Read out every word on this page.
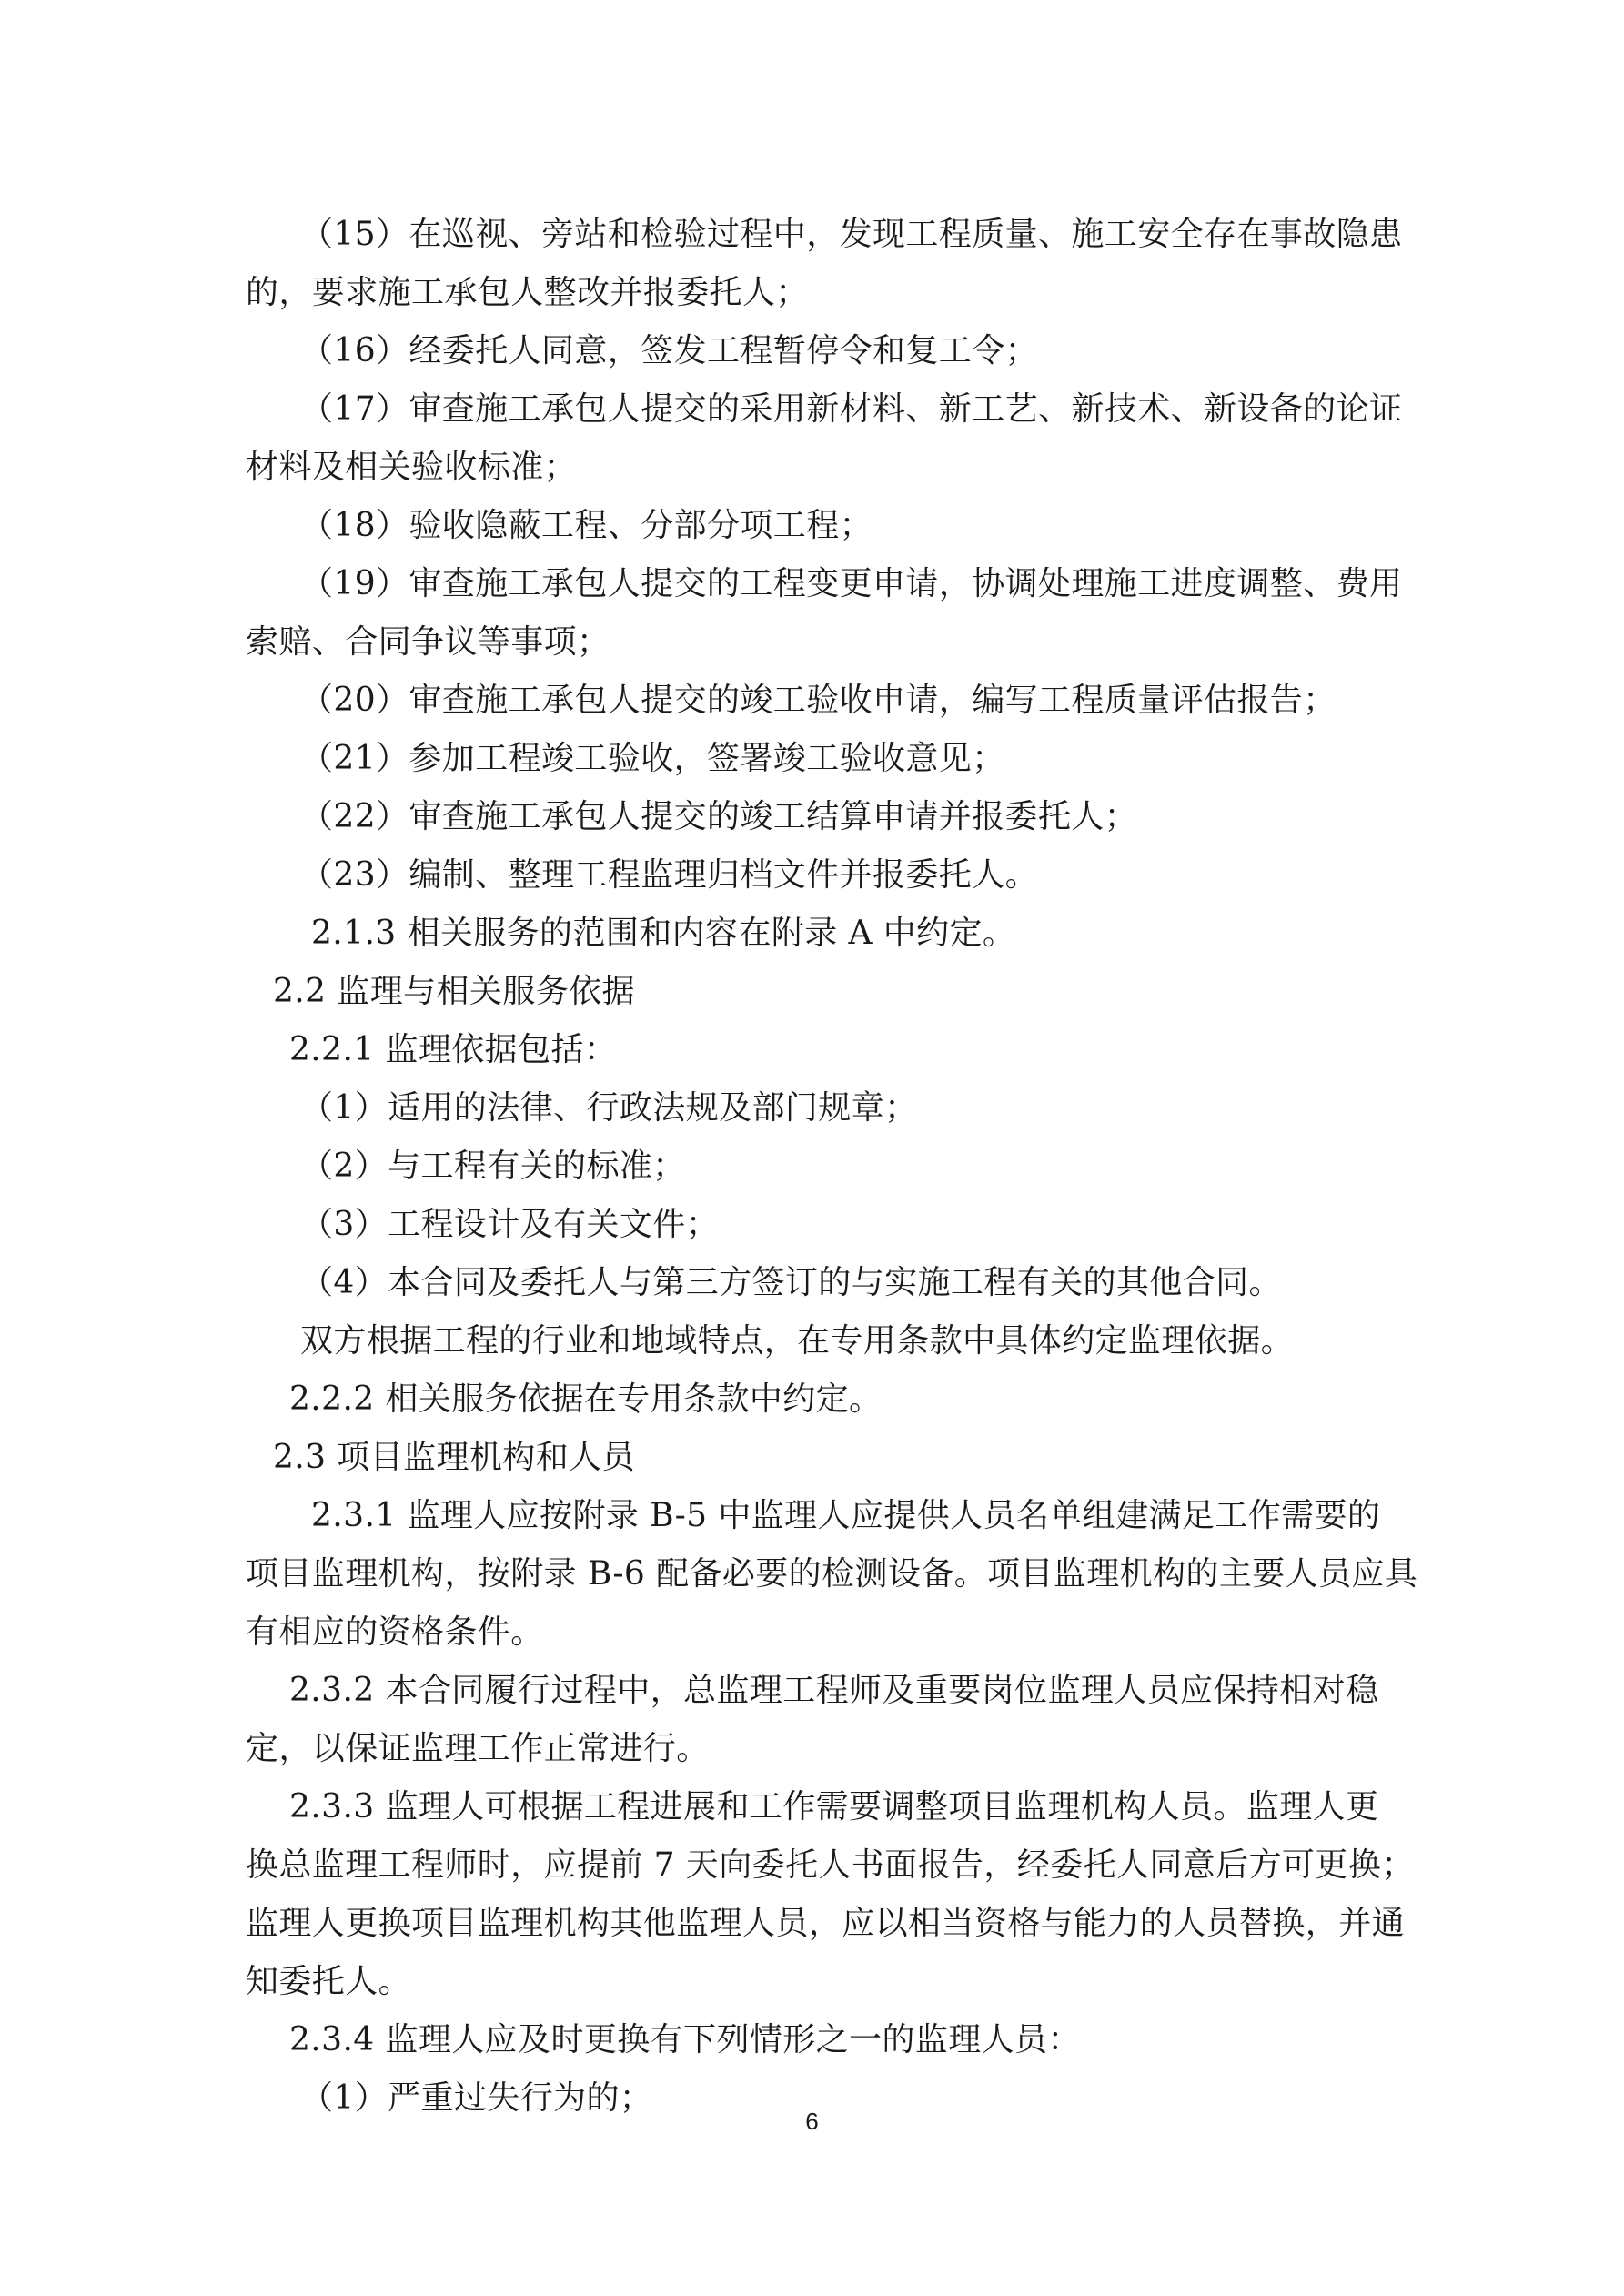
（15）在巡视、旁站和检验过程中，发现工程质量、施工安全存在事故隐患
的，要求施工承包人整改并报委托人；
（16）经委托人同意，签发工程暂停令和复工令；
（17）审查施工承包人提交的采用新材料、新工艺、新技术、新设备的论证
材料及相关验收标准；
（18）验收隐蔽工程、分部分项工程；
（19）审查施工承包人提交的工程变更申请，协调处理施工进度调整、费用
索赔、合同争议等事项；
（20）审查施工承包人提交的竣工验收申请，编写工程质量评估报告；
（21）参加工程竣工验收，签署竣工验收意见；
（22）审查施工承包人提交的竣工结算申请并报委托人；
（23）编制、整理工程监理归档文件并报委托人。
2.1.3 相关服务的范围和内容在附录 A 中约定。
2.2 监理与相关服务依据
2.2.1 监理依据包括：
（1）适用的法律、行政法规及部门规章；
（2）与工程有关的标准；
（3）工程设计及有关文件；
（4）本合同及委托人与第三方签订的与实施工程有关的其他合同。
双方根据工程的行业和地域特点，在专用条款中具体约定监理依据。
2.2.2 相关服务依据在专用条款中约定。
2.3 项目监理机构和人员
2.3.1 监理人应按附录 B-5 中监理人应提供人员名单组建满足工作需要的
项目监理机构，按附录 B-6 配备必要的检测设备。项目监理机构的主要人员应具
有相应的资格条件。
2.3.2 本合同履行过程中，总监理工程师及重要岗位监理人员应保持相对稳
定，以保证监理工作正常进行。
2.3.3 监理人可根据工程进展和工作需要调整项目监理机构人员。监理人更
换总监理工程师时，应提前 7 天向委托人书面报告，经委托人同意后方可更换；
监理人更换项目监理机构其他监理人员，应以相当资格与能力的人员替换，并通
知委托人。
2.3.4 监理人应及时更换有下列情形之一的监理人员：
（1）严重过失行为的；
6
